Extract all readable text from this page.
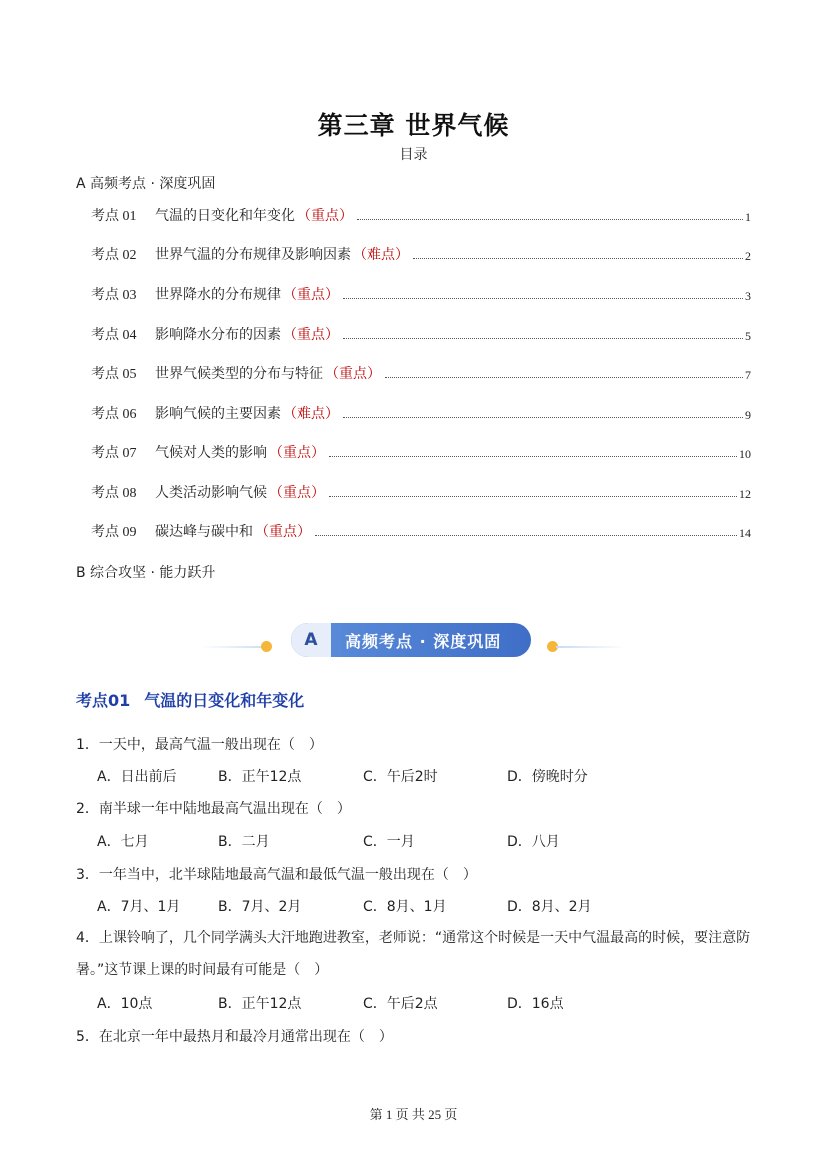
第三章 世界气候
目录
A 高频考点 · 深度巩固
考点 01	气温的日变化和年变化 （重点）	1
考点 02	世界气温的分布规律及影响因素 （难点）	2
考点 03	世界降水的分布规律 （重点）	3
考点 04	影响降水分布的因素 （重点）	5
考点 05	世界气候类型的分布与特征 （重点）	7
考点 06	影响气候的主要因素 （难点）	9
考点 07	气候对人类的影响 （重点）	10
考点 08	人类活动影响气候 （重点）	12
考点 09	碳达峰与碳中和 （重点）	14
B 综合攻坚 · 能力跃升
A	高频考点 · 深度巩固
考点01 气温的日变化和年变化
1．一天中，最高气温一般出现在（　）
A．日出前后	B．正午12点	C．午后2时	D．傍晚时分
2．南半球一年中陆地最高气温出现在（　）
A．七月	B．二月	C．一月	D．八月
3．一年当中，北半球陆地最高气温和最低气温一般出现在（　）
A．7月、1月	B．7月、2月	C．8月、1月	D．8月、2月
4．上课铃响了，几个同学满头大汗地跑进教室，老师说：“通常这个时候是一天中气温最高的时候，要注意防暑。”这节课上课的时间最有可能是（　）
A．10点	B．正午12点	C．午后2点	D．16点
5．在北京一年中最热月和最冷月通常出现在（　）
第 1 页 共 25 页
